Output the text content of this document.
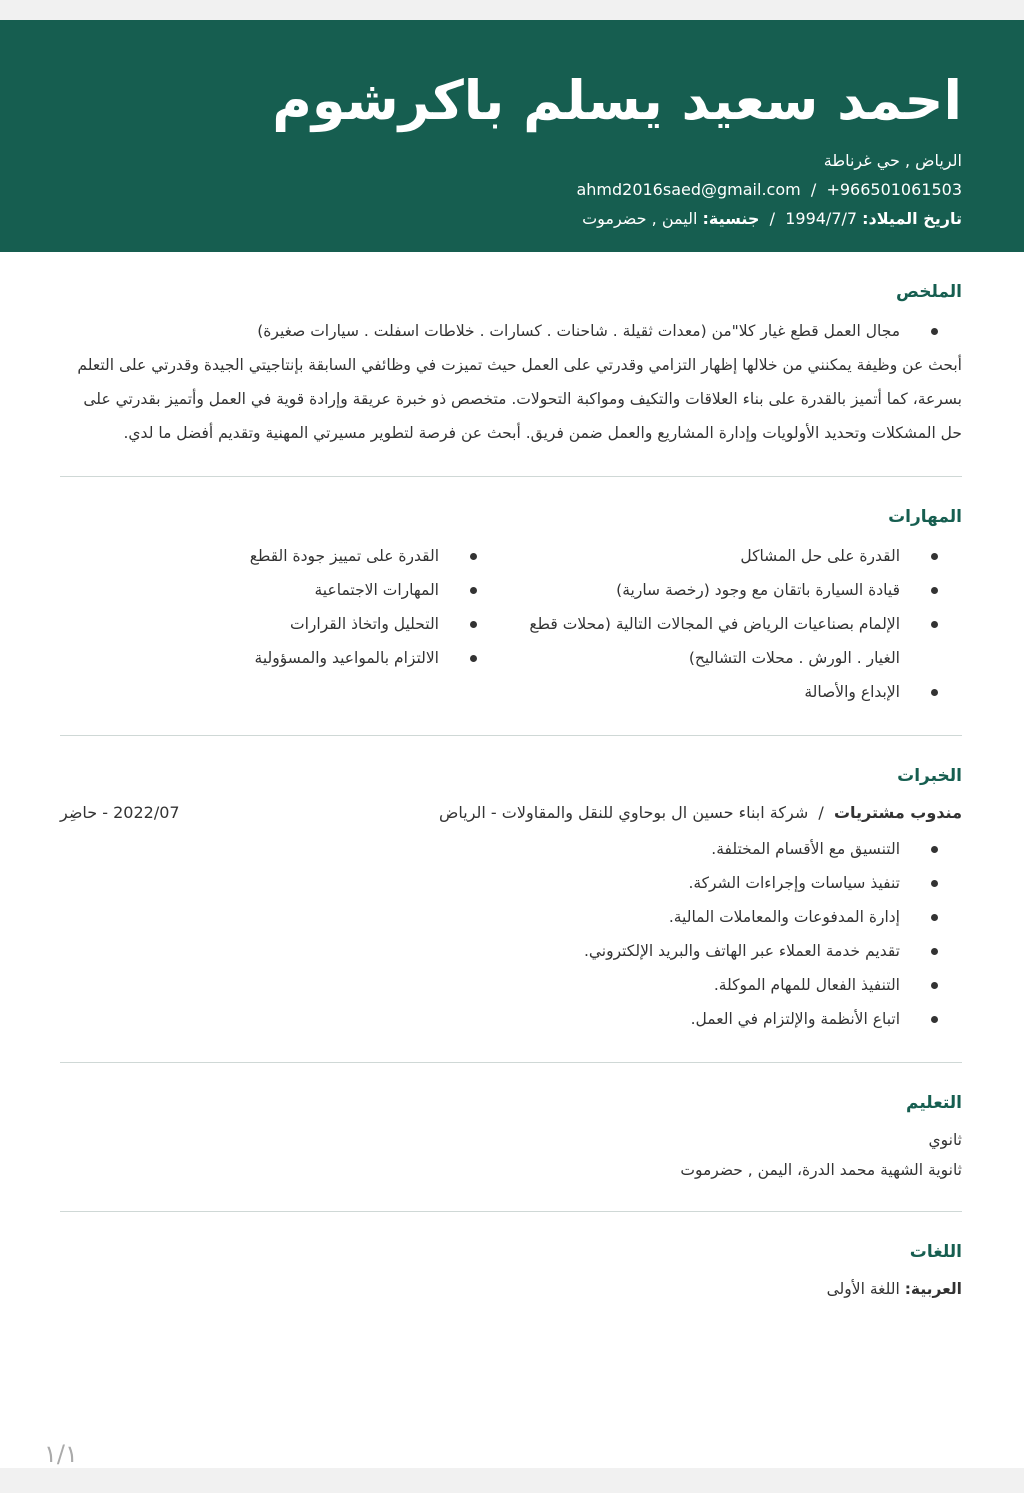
احمد سعيد يسلم باكرشوم
الرياض , حي غرناطة
+966501061503  /  ahmd2016saed@gmail.com
تاريخ الميلاد: 1994/7/7  /  جنسية: اليمن , حضرموت
الملخص
مجال العمل قطع غيار كلا"من (معدات ثقيلة . شاحنات . كسارات . خلاطات اسفلت . سيارات صغيرة)

أبحث عن وظيفة يمكنني من خلالها إظهار التزامي وقدرتي على العمل حيث تميزت في وظائفي السابقة بإنتاجيتي الجيدة وقدرتي على التعلم بسرعة، كما أتميز بالقدرة على بناء العلاقات والتكيف ومواكبة التحولات. متخصص ذو خبرة عريقة وإرادة قوية في العمل وأتميز بقدرتي على حل المشكلات وتحديد الأولويات وإدارة المشاريع والعمل ضمن فريق. أبحث عن فرصة لتطوير مسيرتي المهنية وتقديم أفضل ما لدي.

المهارات
القدرة على حل المشاكل
قيادة السيارة باتقان مع وجود (رخصة سارية)
الإلمام بصناعيات الرياض في المجالات التالية (محلات قطع الغيار . الورش . محلات التشاليح)
الإبداع والأصالة
القدرة على تمييز جودة القطع
المهارات الاجتماعية
التحليل واتخاذ القرارات
الالتزام بالمواعيد والمسؤولية
الخبرات
مندوب مشتريات  /  شركة ابناء حسين ال بوحاوي للنقل والمقاولات - الرياض
2022/07 - حاضِر
التنسيق مع الأقسام المختلفة.
تنفيذ سياسات وإجراءات الشركة.
إدارة المدفوعات والمعاملات المالية.
تقديم خدمة العملاء عبر الهاتف والبريد الإلكتروني.
التنفيذ الفعال للمهام الموكلة.
اتباع الأنظمة والإلتزام في العمل.
التعليم

ثانوي

ثانوية الشهية محمد الدرة، اليمن , حضرموت

اللغات

العربية: اللغة الأولى

١/١
